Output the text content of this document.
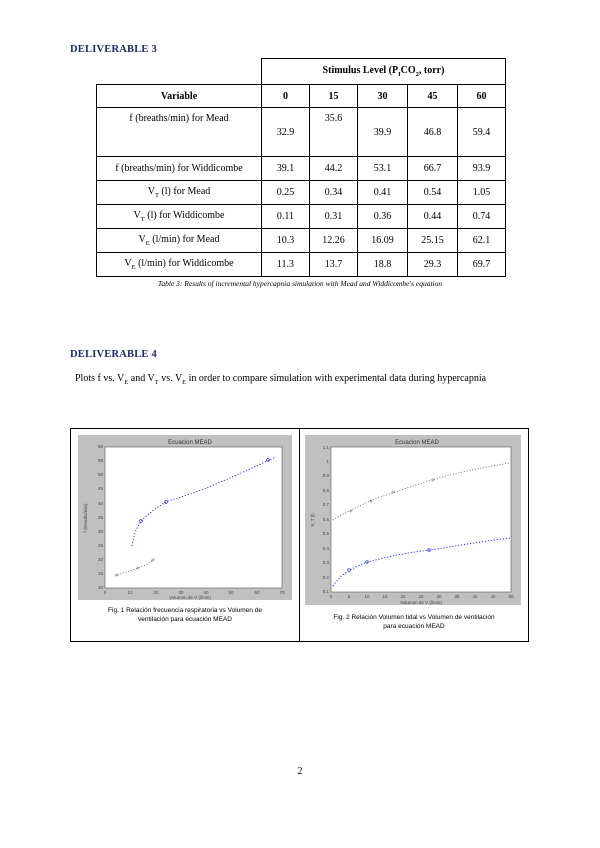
DELIVERABLE 3
	Stimulus Level ($P_ICO_2$, torr)				
Variable	0	15	30	45	60
f (breaths/min) for Mead	32.9	35.6	39.9	46.8	59.4
f (breaths/min) for Widdicombe	39.1	44.2	53.1	66.7	93.9
$V_T$ (l) for Mead	0.25	0.34	0.41	0.54	1.05
$V_T$ (l) for Widdicombe	0.11	0.31	0.36	0.44	0.74
$V_E$ (l/min) for Mead	10.3	12.26	16.09	25.15	62.1
$V_E$ (l/min) for Widdicombe	11.3	13.7	18.8	29.3	69.7
Table 3: Results of incremental hypercapnia simulation with Mead and Widdicombe's equation
DELIVERABLE 4
Plots f vs. $V_E$ and $V_T$ vs. $V_E$ in order to compare simulation with experimental data during hypercapnia
Ecuacion MEAD
0	10	20	30	40	50	60	70
10
15
20
25
30
35
40
45
50
55
60
Volumen de V (l/min)
f (breaths/min)
Fig. 1 Relación frecuencia respiratoria vs Volumen de
ventilación para ecuación MEAD
Ecuacion MEAD
0	5	10	15	20	25	30	35	40	45	50
0.1
0.2
0.3
0.4
0.5
0.6
0.7
0.8
0.9
1
1.1
Volumen de V (l/min)
V_T (l)
Fig. 2 Relación Volumen tidal vs Volumen de ventilación
para ecuación MEAD
2
